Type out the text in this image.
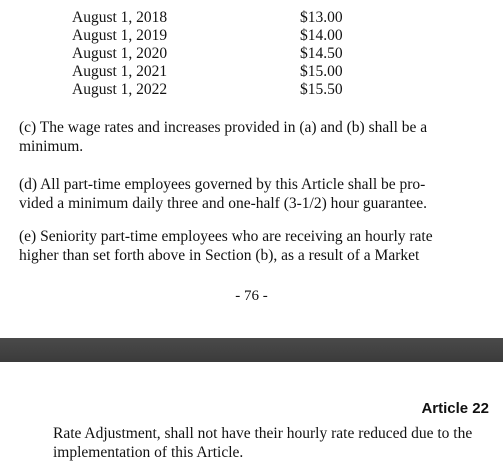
August 1, 2018	$13.00
August 1, 2019	$14.00
August 1, 2020	$14.50
August 1, 2021	$15.00
August 1, 2022	$15.50

(c) The wage rates and increases provided in (a) and (b) shall be a
minimum.

(d) All part-time employees governed by this Article shall be pro-
vided a minimum daily three and one-half (3-1/2) hour guarantee.

(e) Seniority part-time employees who are receiving an hourly rate
higher than set forth above in Section (b), as a result of a Market

- 76 -
Article 22

Rate Adjustment, shall not have their hourly rate reduced due to the
implementation of this Article.
